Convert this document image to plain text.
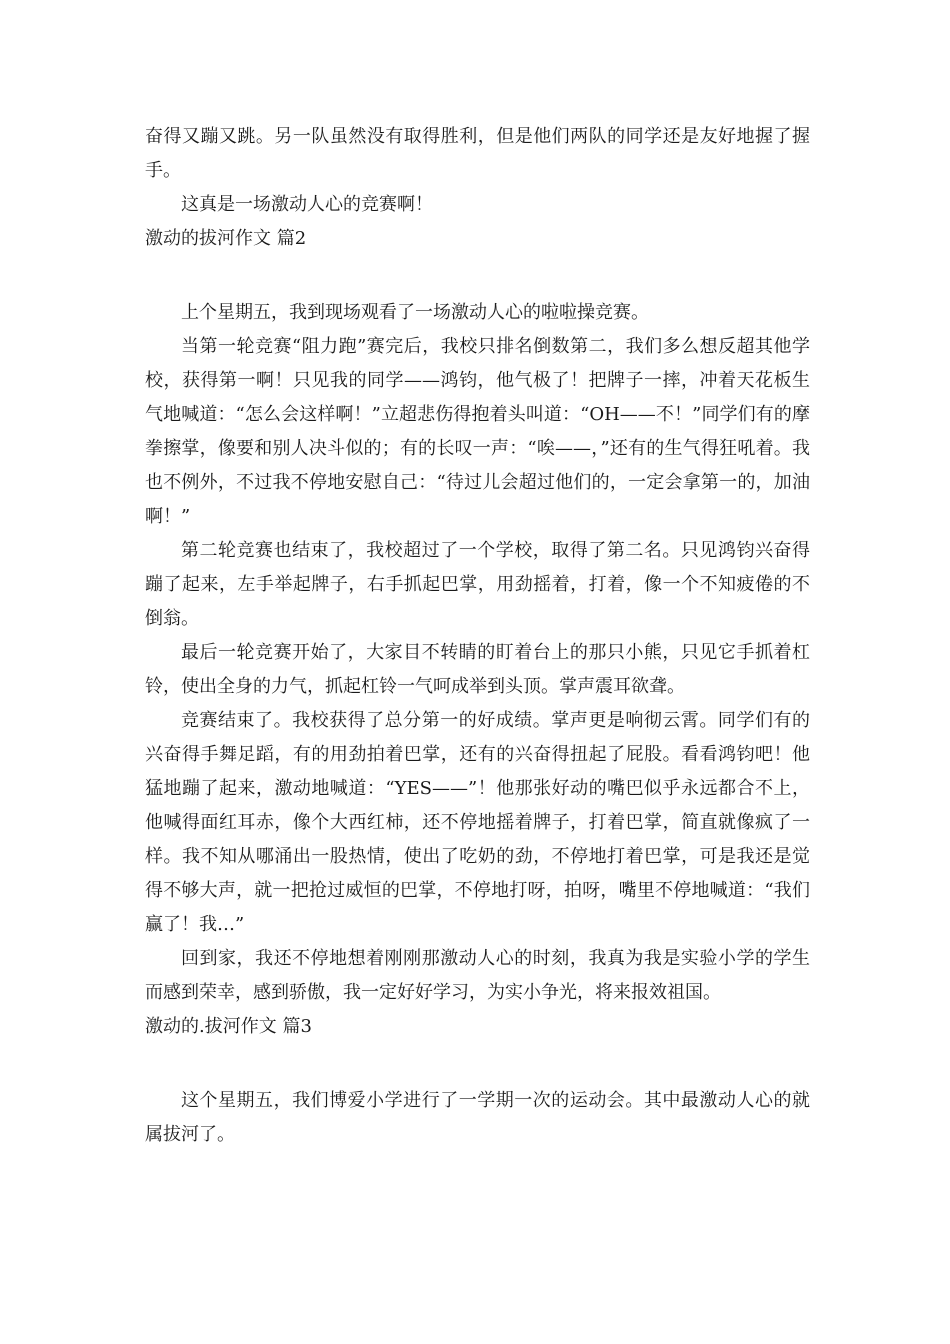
奋得又蹦又跳。另一队虽然没有取得胜利，但是他们两队的同学还是友好地握了握手。

这真是一场激动人心的竞赛啊！

激动的拔河作文 篇2

上个星期五，我到现场观看了一场激动人心的啦啦操竞赛。

当第一轮竞赛“阻力跑”赛完后，我校只排名倒数第二，我们多么想反超其他学校，获得第一啊！只见我的同学——鸿钧，他气极了！把牌子一摔，冲着天花板生气地喊道：“怎么会这样啊！”立超悲伤得抱着头叫道：“OH——不！”同学们有的摩拳擦掌，像要和别人决斗似的；有的长叹一声：“唉——，”还有的生气得狂吼着。我也不例外，不过我不停地安慰自己：“待过儿会超过他们的，一定会拿第一的，加油啊！”

第二轮竞赛也结束了，我校超过了一个学校，取得了第二名。只见鸿钧兴奋得蹦了起来，左手举起牌子，右手抓起巴掌，用劲摇着，打着，像一个不知疲倦的不倒翁。

最后一轮竞赛开始了，大家目不转睛的盯着台上的那只小熊，只见它手抓着杠铃，使出全身的力气，抓起杠铃一气呵成举到头顶。掌声震耳欲聋。

竞赛结束了。我校获得了总分第一的好成绩。掌声更是响彻云霄。同学们有的兴奋得手舞足蹈，有的用劲拍着巴掌，还有的兴奋得扭起了屁股。看看鸿钧吧！他猛地蹦了起来，激动地喊道：“YES——”！他那张好动的嘴巴似乎永远都合不上，他喊得面红耳赤，像个大西红柿，还不停地摇着牌子，打着巴掌，简直就像疯了一样。我不知从哪涌出一股热情，使出了吃奶的劲，不停地打着巴掌，可是我还是觉得不够大声，就一把抢过威恒的巴掌，不停地打呀，拍呀，嘴里不停地喊道：“我们赢了！我…”

回到家，我还不停地想着刚刚那激动人心的时刻，我真为我是实验小学的学生而感到荣幸，感到骄傲，我一定好好学习，为实小争光，将来报效祖国。

激动的.拔河作文 篇3

这个星期五，我们博爱小学进行了一学期一次的运动会。其中最激动人心的就属拔河了。
